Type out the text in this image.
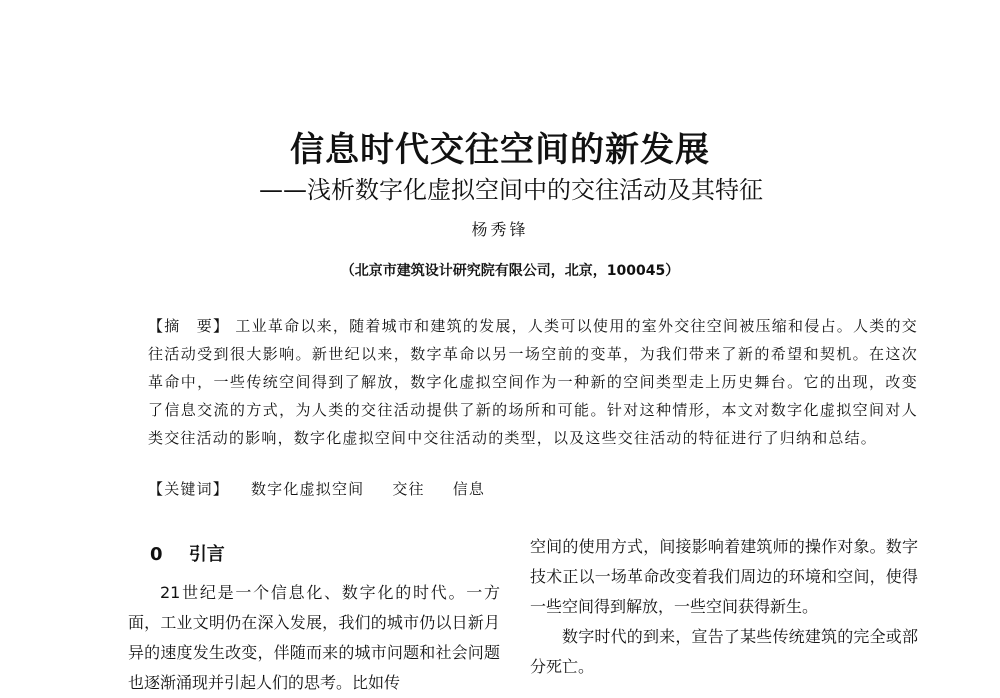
信息时代交往空间的新发展
——浅析数字化虚拟空间中的交往活动及其特征
杨秀锋
（北京市建筑设计研究院有限公司，北京，100045）
【摘　要】 工业革命以来，随着城市和建筑的发展，人类可以使用的室外交往空间被压缩和侵占。人类的交往活动受到很大影响。新世纪以来，数字革命以另一场空前的变革，为我们带来了新的希望和契机。在这次革命中，一些传统空间得到了解放，数字化虚拟空间作为一种新的空间类型走上历史舞台。它的出现，改变了信息交流的方式，为人类的交往活动提供了新的场所和可能。针对这种情形，本文对数字化虚拟空间对人类交往活动的影响，数字化虚拟空间中交往活动的类型，以及这些交往活动的特征进行了归纳和总结。
【关键词】 数字化虚拟空间 交往 信息
0 引言

21世纪是一个信息化、数字化的时代。一方面，工业文明仍在深入发展，我们的城市仍以日新月异的速度发生改变，伴随而来的城市问题和社会问题也逐渐涌现并引起人们的思考。比如传

空间的使用方式，间接影响着建筑师的操作对象。数字技术正以一场革命改变着我们周边的环境和空间，使得一些空间得到解放，一些空间获得新生。

数字时代的到来，宣告了某些传统建筑的完全或部分死亡。
